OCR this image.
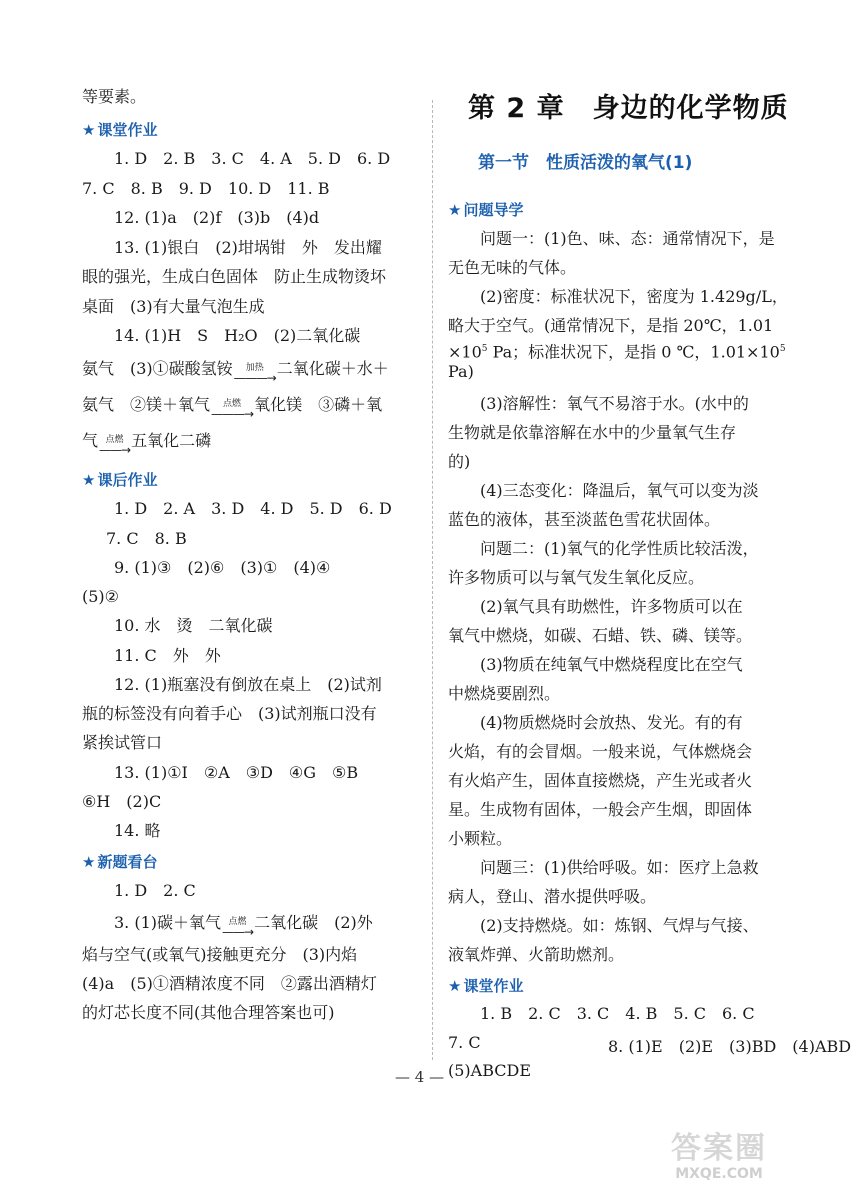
等要素。
★ 课堂作业
1. D　2. B　3. C　4. A　5. D　6. D
7. C　8. B　9. D　10. D　11. B
12. (1)a　(2)f　(3)b　(4)d
13. (1)银白　(2)坩埚钳　外　发出耀
眼的强光，生成白色固体　防止生成物烫坏
桌面　(3)有大量气泡生成
14. (1)H　S　H₂O　(2)二氧化碳
氨气　(3)①碳酸氢铵 加热
———→ 二氧化碳＋水＋
氨气　②镁＋氧气 点燃
———→ 氧化镁　③磷＋氧
气 点燃
——→ 五氧化二磷
★ 课后作业
1. D　2. A　3. D　4. D　5. D　6. D
7. C　8. B
9. (1)③　(2)⑥　(3)①　(4)④
(5)②
10. 水　烫　二氧化碳
11. C　外　外
12. (1)瓶塞没有倒放在桌上　(2)试剂
瓶的标签没有向着手心　(3)试剂瓶口没有
紧挨试管口
13. (1)①I　②A　③D　④G　⑤B
⑥H　(2)C
14. 略
★ 新题看台
1. D　2. C
3. (1)碳＋氧气 点燃
——→ 二氧化碳　(2)外
焰与空气(或氧气)接触更充分　(3)内焰
(4)a　(5)①酒精浓度不同　②露出酒精灯
的灯芯长度不同(其他合理答案也可)
第 2 章　身边的化学物质
第一节　性质活泼的氧气(1)
★ 问题导学
问题一：(1)色、味、态：通常情况下，是
无色无味的气体。
(2)密度：标准状况下，密度为 1.429g/L，
略大于空气。(通常情况下，是指 20℃，1.01
$\times 10^5$ Pa；标准状况下，是指 0 ℃，$1.01\times 10^5$
Pa)
(3)溶解性：氧气不易溶于水。(水中的
生物就是依靠溶解在水中的少量氧气生存
的)
(4)三态变化：降温后，氧气可以变为淡
蓝色的液体，甚至淡蓝色雪花状固体。
问题二：(1)氧气的化学性质比较活泼，
许多物质可以与氧气发生氧化反应。
(2)氧气具有助燃性，许多物质可以在
氧气中燃烧，如碳、石蜡、铁、磷、镁等。
(3)物质在纯氧气中燃烧程度比在空气
中燃烧要剧烈。
(4)物质燃烧时会放热、发光。有的有
火焰，有的会冒烟。一般来说，气体燃烧会
有火焰产生，固体直接燃烧，产生光或者火
星。生成物有固体，一般会产生烟，即固体
小颗粒。
问题三：(1)供给呼吸。如：医疗上急救
病人，登山、潜水提供呼吸。
(2)支持燃烧。如：炼钢、气焊与气接、
液氧炸弹、火箭助燃剂。
★ 课堂作业
1. B　2. C　3. C　4. B　5. C　6. C
7. C	8. (1)E　(2)E　(3)BD　(4)ABD
(5)ABCDE
— 4 —
答案圈
MXQE.COM
